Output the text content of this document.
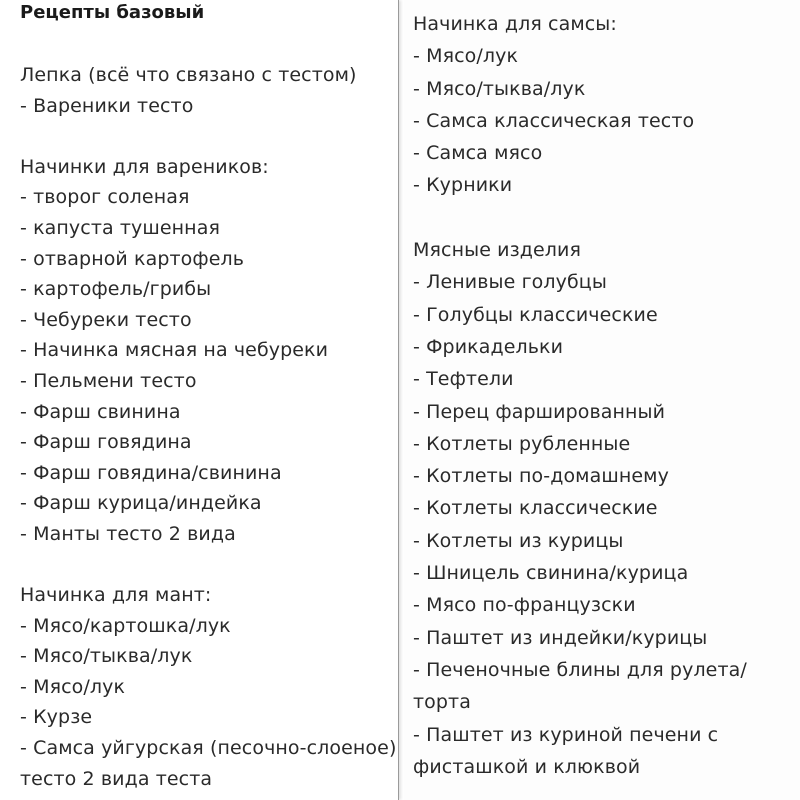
Рецепты базовый

Лепка (всё что связано с тестом)

- Вареники тесто

Начинки для вареников:

- творог соленая

- капуста тушенная

- отварной картофель

- картофель/грибы

- Чебуреки тесто

- Начинка мясная на чебуреки

- Пельмени тесто

- Фарш свинина

- Фарш говядина

- Фарш говядина/свинина

- Фарш курица/индейка

- Манты тесто 2 вида

Начинка для мант:

- Мясо/картошка/лук

- Мясо/тыква/лук

- Мясо/лук

- Курзе

- Самса уйгурская (песочно-слоеное)

тесто 2 вида теста

Начинка для самсы:

- Мясо/лук

- Мясо/тыква/лук

- Самса классическая тесто

- Самса мясо

- Курники

Мясные изделия

- Ленивые голубцы

- Голубцы классические

- Фрикадельки

- Тефтели

- Перец фаршированный

- Котлеты рубленные

- Котлеты по-домашнему

- Котлеты классические

- Котлеты из курицы

- Шницель свинина/курица

- Мясо по-французски

- Паштет из индейки/курицы

- Печеночные блины для рулета/

торта

- Паштет из куриной печени с

фисташкой и клюквой
